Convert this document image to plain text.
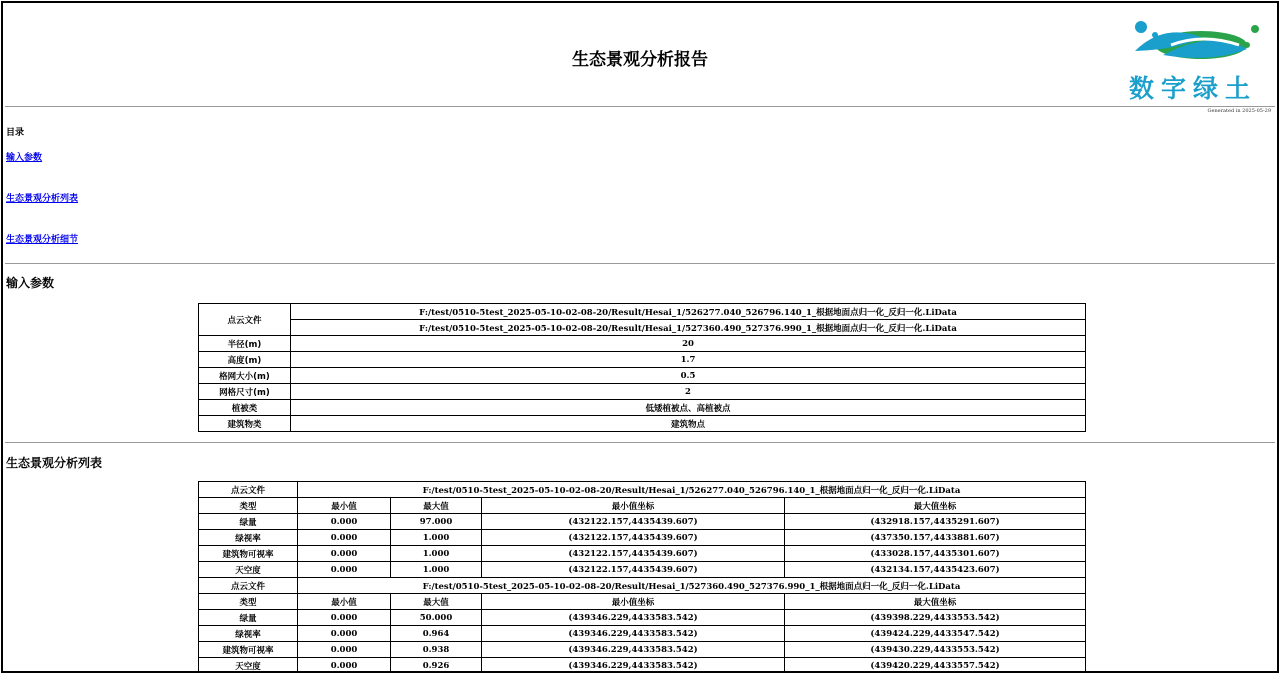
生态景观分析报告
数字绿土
Generated in 2025-05-29
目录
输入参数
生态景观分析列表
生态景观分析细节
输入参数
点云文件	F:/test/0510-5test_2025-05-10-02-08-20/Result/Hesai_1/526277.040_526796.140_1_根据地面点归一化_反归一化.LiData
	F:/test/0510-5test_2025-05-10-02-08-20/Result/Hesai_1/527360.490_527376.990_1_根据地面点归一化_反归一化.LiData
半径(m)	20
高度(m)	1.7
格网大小(m)	0.5
网格尺寸(m)	2
植被类	低矮植被点、高植被点
建筑物类	建筑物点
生态景观分析列表
点云文件	F:/test/0510-5test_2025-05-10-02-08-20/Result/Hesai_1/526277.040_526796.140_1_根据地面点归一化_反归一化.LiData			
类型	最小值	最大值	最小值坐标	最大值坐标
绿量	0.000	97.000	(432122.157,4435439.607)	(432918.157,4435291.607)
绿视率	0.000	1.000	(432122.157,4435439.607)	(437350.157,4433881.607)
建筑物可视率	0.000	1.000	(432122.157,4435439.607)	(433028.157,4435301.607)
天空度	0.000	1.000	(432122.157,4435439.607)	(432134.157,4435423.607)
点云文件	F:/test/0510-5test_2025-05-10-02-08-20/Result/Hesai_1/527360.490_527376.990_1_根据地面点归一化_反归一化.LiData			
类型	最小值	最大值	最小值坐标	最大值坐标
绿量	0.000	50.000	(439346.229,4433583.542)	(439398.229,4433553.542)
绿视率	0.000	0.964	(439346.229,4433583.542)	(439424.229,4433547.542)
建筑物可视率	0.000	0.938	(439346.229,4433583.542)	(439430.229,4433553.542)
天空度	0.000	0.926	(439346.229,4433583.542)	(439420.229,4433557.542)
